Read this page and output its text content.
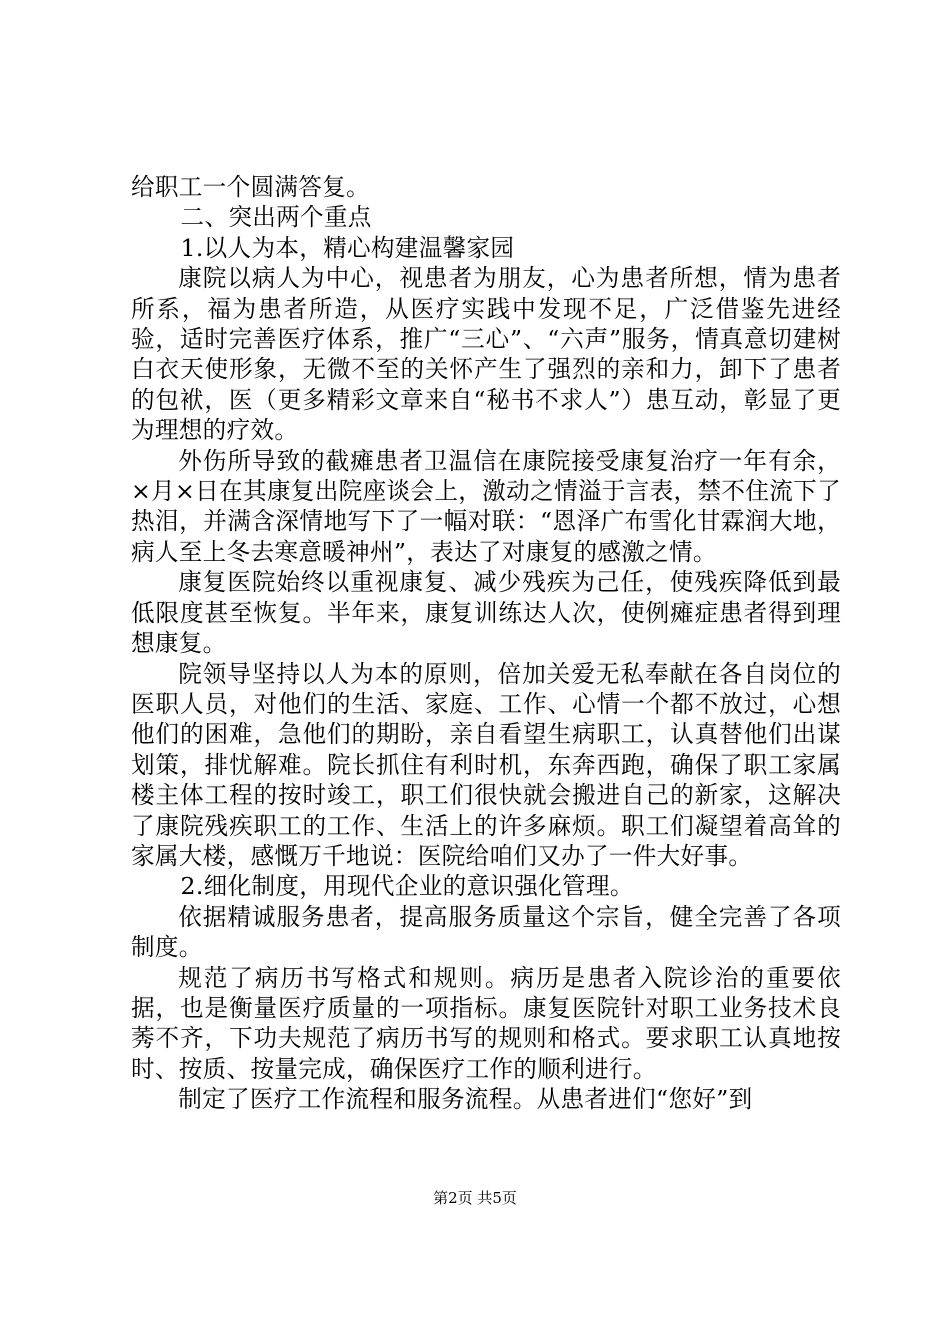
给职工一个圆满答复。

二、突出两个重点

1.以人为本，精心构建温馨家园

康院以病人为中心，视患者为朋友，心为患者所想，情为患者所系，福为患者所造，从医疗实践中发现不足，广泛借鉴先进经验，适时完善医疗体系，推广“三心”、“六声”服务，情真意切建树白衣天使形象，无微不至的关怀产生了强烈的亲和力，卸下了患者的包袱，医（更多精彩文章来自“秘书不求人”）患互动，彰显了更为理想的疗效。

外伤所导致的截瘫患者卫温信在康院接受康复治疗一年有余，×月×日在其康复出院座谈会上，激动之情溢于言表，禁不住流下了热泪，并满含深情地写下了一幅对联：“恩泽广布雪化甘霖润大地，病人至上冬去寒意暖神州”，表达了对康复的感激之情。

康复医院始终以重视康复、减少残疾为己任，使残疾降低到最低限度甚至恢复。半年来，康复训练达人次，使例瘫症患者得到理想康复。

院领导坚持以人为本的原则，倍加关爱无私奉献在各自岗位的医职人员，对他们的生活、家庭、工作、心情一个都不放过，心想他们的困难，急他们的期盼，亲自看望生病职工，认真替他们出谋划策，排忧解难。院长抓住有利时机，东奔西跑，确保了职工家属楼主体工程的按时竣工，职工们很快就会搬进自己的新家，这解决了康院残疾职工的工作、生活上的许多麻烦。职工们凝望着高耸的家属大楼，感慨万千地说：医院给咱们又办了一件大好事。

2.细化制度，用现代企业的意识强化管理。

依据精诚服务患者，提高服务质量这个宗旨，健全完善了各项制度。

规范了病历书写格式和规则。病历是患者入院诊治的重要依据，也是衡量医疗质量的一项指标。康复医院针对职工业务技术良莠不齐，下功夫规范了病历书写的规则和格式。要求职工认真地按时、按质、按量完成，确保医疗工作的顺利进行。

制定了医疗工作流程和服务流程。从患者进们“您好”到

第2页 共5页
